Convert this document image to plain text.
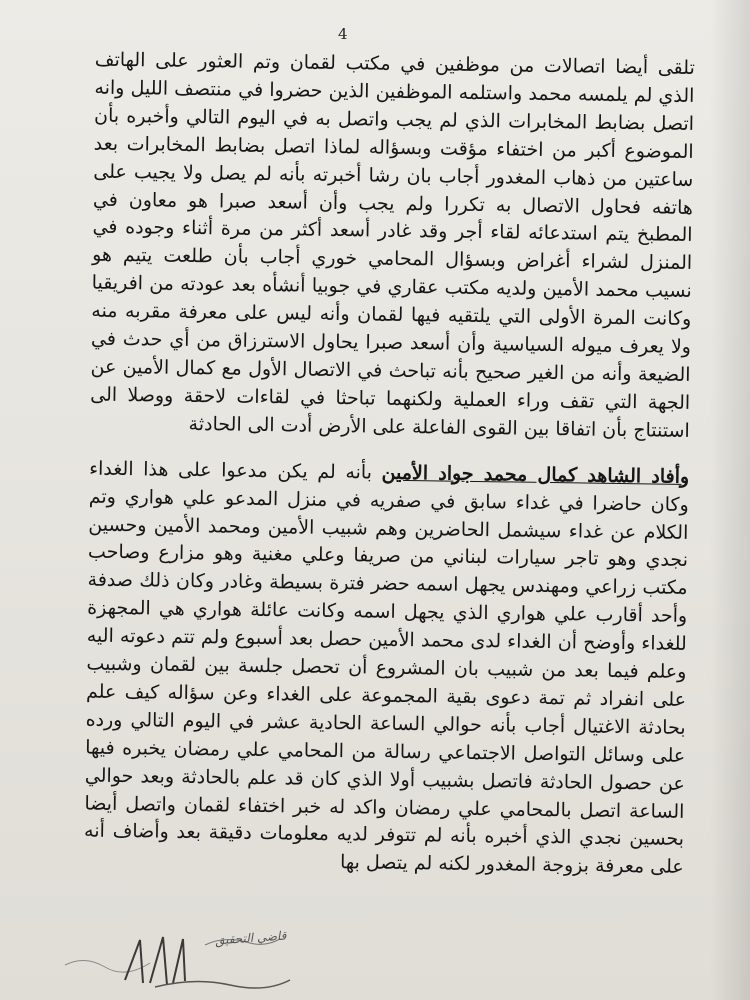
4

تلقى أيضا اتصالات من موظفين في مكتب لقمان وتم العثور على الهاتف الذي لم يلمسه محمد واستلمه الموظفين الذين حضروا في منتصف الليل وانه اتصل بضابط المخابرات الذي لم يجب واتصل به في اليوم التالي وأخبره بأن الموضوع أكبر من اختفاء مؤقت وبسؤاله لماذا اتصل بضابط المخابرات بعد ساعتين من ذهاب المغدور أجاب بان رشا أخبرته بأنه لم يصل ولا يجيب على هاتفه فحاول الاتصال به تكررا ولم يجب وأن أسعد صبرا هو معاون في المطبخ يتم استدعائه لقاء أجر وقد غادر أسعد أكثر من مرة أثناء وجوده في المنزل لشراء أغراض وبسؤال المحامي خوري أجاب بأن طلعت يتيم هو نسيب محمد الأمين ولديه مكتب عقاري في جوبيا أنشأه بعد عودته من افريقيا وكانت المرة الأولى التي يلتقيه فيها لقمان وأنه ليس على معرفة مقربه منه ولا يعرف ميوله السياسية وأن أسعد صبرا يحاول الاسترزاق من أي حدث في الضيعة وأنه من الغير صحيح بأنه تباحث في الاتصال الأول مع كمال الأمين عن الجهة التي تقف وراء العملية ولكنهما تباحثا في لقاءات لاحقة ووصلا الى استنتاج بأن اتفاقا بين القوى الفاعلة على الأرض أدت الى الحادثة

وأفاد الشاهد كمال محمد جواد الأمين بأنه لم يكن مدعوا على هذا الغداء وكان حاضرا في غداء سابق في صفريه في منزل المدعو علي هواري وتم الكلام عن غداء سيشمل الحاضرين وهم شبيب الأمين ومحمد الأمين وحسين نجدي وهو تاجر سيارات لبناني من صريفا وعلي مغنية وهو مزارع وصاحب مكتب زراعي ومهندس يجهل اسمه حضر فترة بسيطة وغادر وكان ذلك صدفة وأحد أقارب علي هواري الذي يجهل اسمه وكانت عائلة هواري هي المجهزة للغداء وأوضح أن الغداء لدى محمد الأمين حصل بعد أسبوع ولم تتم دعوته اليه وعلم فيما بعد من شبيب بان المشروع أن تحصل جلسة بين لقمان وشبيب على انفراد ثم تمة دعوى بقية المجموعة على الغداء وعن سؤاله كيف علم بحادثة الاغتيال أجاب بأنه حوالي الساعة الحادية عشر في اليوم التالي ورده على وسائل التواصل الاجتماعي رسالة من المحامي علي رمضان يخبره فيها عن حصول الحادثة فاتصل بشبيب أولا الذي كان قد علم بالحادثة وبعد حوالي الساعة اتصل بالمحامي علي رمضان واكد له خبر اختفاء لقمان واتصل أيضا بحسين نجدي الذي أخبره بأنه لم تتوفر لديه معلومات دقيقة بعد وأضاف أنه على معرفة بزوجة المغدور لكنه لم يتصل بها

قاضي التحقيق
